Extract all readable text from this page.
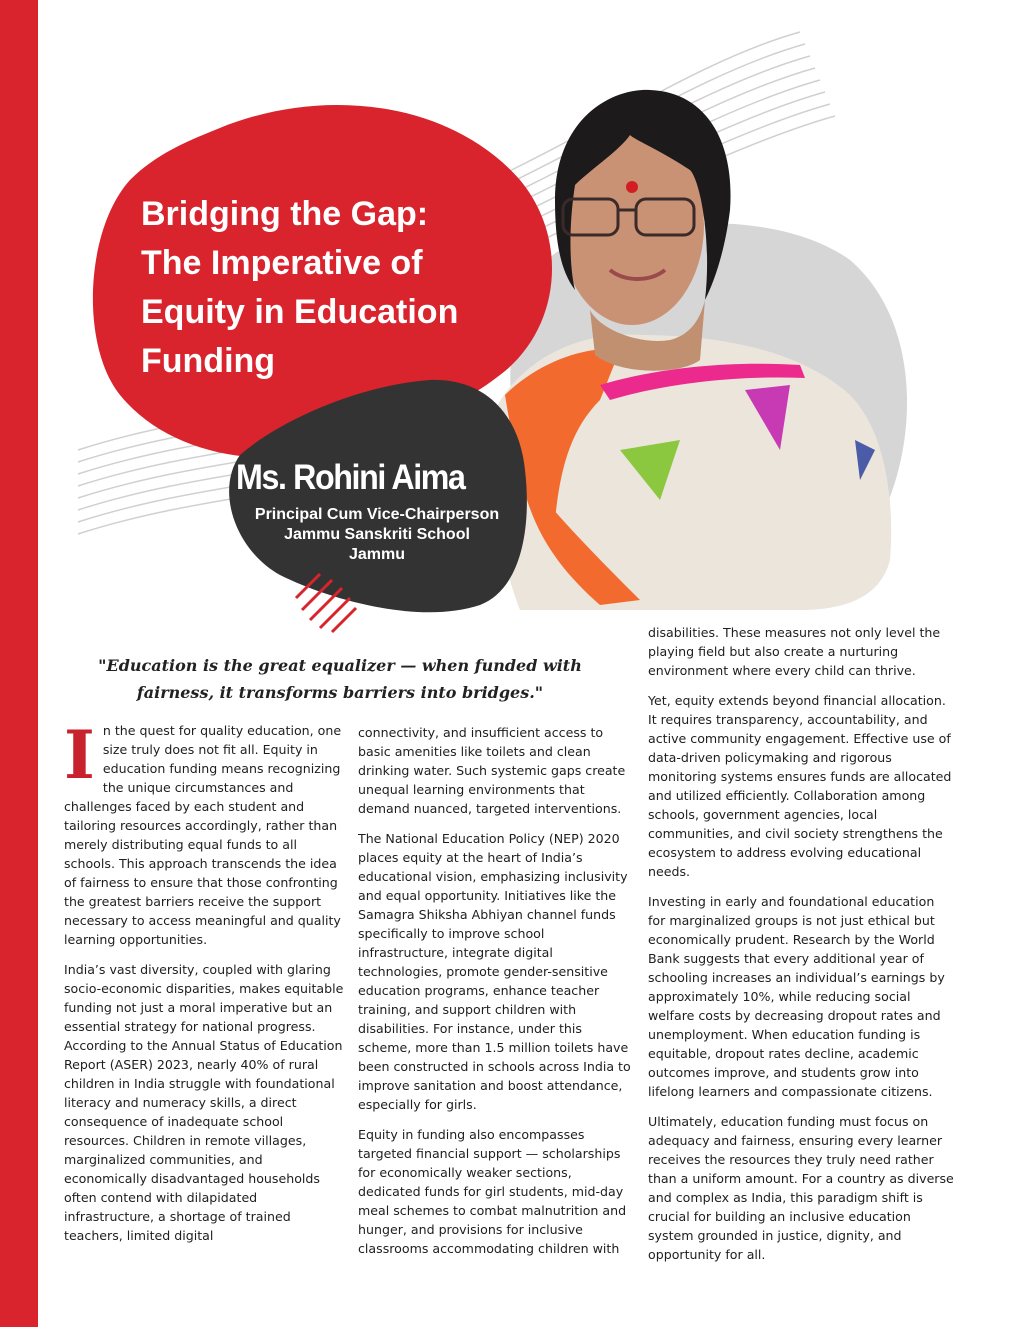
Bridging the Gap:
The Imperative of
Equity in Education
Funding
Ms. Rohini Aima
Principal Cum Vice-Chairperson
Jammu Sanskriti School
Jammu
"Education is the great equalizer — when funded with fairness, it transforms barriers into bridges."

In the quest for quality education, one size truly does not fit all. Equity in education funding means recognizing the unique circumstances and challenges faced by each student and tailoring resources accordingly, rather than merely distributing equal funds to all schools. This approach transcends the idea of fairness to ensure that those confronting the greatest barriers receive the support necessary to access meaningful and quality learning opportunities.

India’s vast diversity, coupled with glaring socio-economic disparities, makes equitable funding not just a moral imperative but an essential strategy for national progress. According to the Annual Status of Education Report (ASER) 2023, nearly 40% of rural children in India struggle with foundational literacy and numeracy skills, a direct consequence of inadequate school resources. Children in remote villages, marginalized communities, and economically disadvantaged households often contend with dilapidated infrastructure, a shortage of trained teachers, limited digital

connectivity, and insufficient access to basic amenities like toilets and clean drinking water. Such systemic gaps create unequal learning environments that demand nuanced, targeted interventions.

The National Education Policy (NEP) 2020 places equity at the heart of India’s educational vision, emphasizing inclusivity and equal opportunity. Initiatives like the Samagra Shiksha Abhiyan channel funds specifically to improve school infrastructure, integrate digital technologies, promote gender-sensitive education programs, enhance teacher training, and support children with disabilities. For instance, under this scheme, more than 1.5 million toilets have been constructed in schools across India to improve sanitation and boost attendance, especially for girls.

Equity in funding also encompasses targeted financial support — scholarships for economically weaker sections, dedicated funds for girl students, mid-day meal schemes to combat malnutrition and hunger, and provisions for inclusive classrooms accommodating children with

disabilities. These measures not only level the playing field but also create a nurturing environment where every child can thrive.

Yet, equity extends beyond financial allocation. It requires transparency, accountability, and active community engagement. Effective use of data-driven policymaking and rigorous monitoring systems ensures funds are allocated and utilized efficiently. Collaboration among schools, government agencies, local communities, and civil society strengthens the ecosystem to address evolving educational needs.

Investing in early and foundational education for marginalized groups is not just ethical but economically prudent. Research by the World Bank suggests that every additional year of schooling increases an individual’s earnings by approximately 10%, while reducing social welfare costs by decreasing dropout rates and unemployment. When education funding is equitable, dropout rates decline, academic outcomes improve, and students grow into lifelong learners and compassionate citizens.

Ultimately, education funding must focus on adequacy and fairness, ensuring every learner receives the resources they truly need rather than a uniform amount. For a country as diverse and complex as India, this paradigm shift is crucial for building an inclusive education system grounded in justice, dignity, and opportunity for all.
